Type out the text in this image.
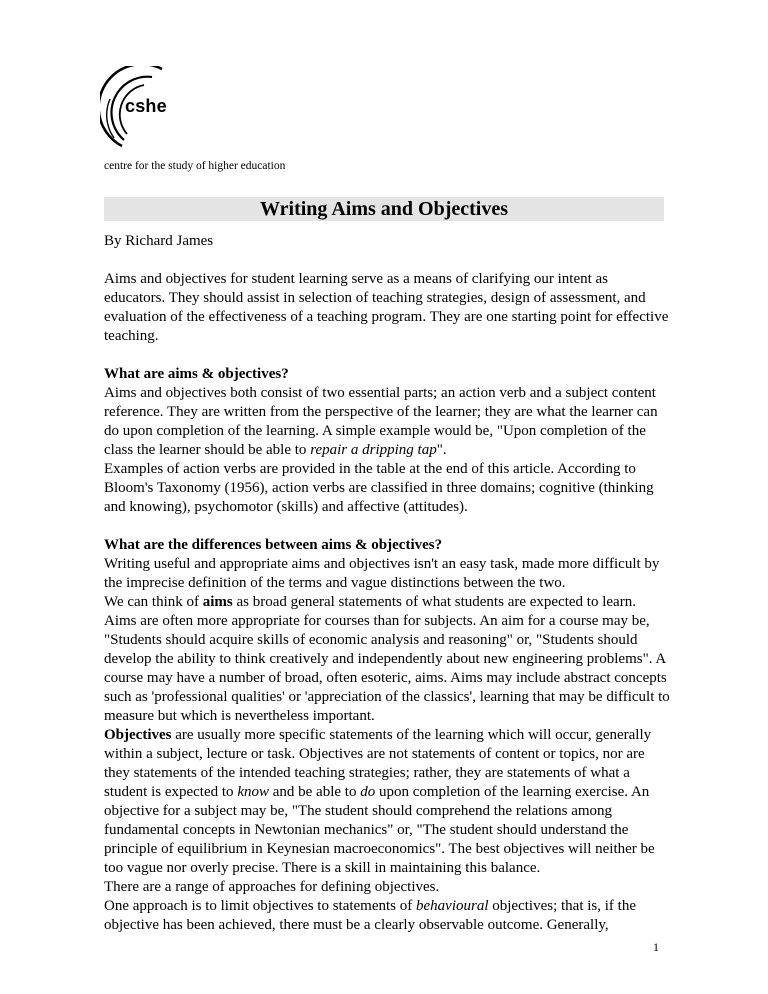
cshe
centre for the study of higher education
Writing Aims and Objectives

By Richard James

Aims and objectives for student learning serve as a means of clarifying our intent as educators. They should assist in selection of teaching strategies, design of assessment, and evaluation of the effectiveness of a teaching program. They are one starting point for effective teaching.

What are aims & objectives?

Aims and objectives both consist of two essential parts; an action verb and a subject content reference. They are written from the perspective of the learner; they are what the learner can do upon completion of the learning. A simple example would be, "Upon completion of the class the learner should be able to repair a dripping tap".

Examples of action verbs are provided in the table at the end of this article. According to Bloom's Taxonomy (1956), action verbs are classified in three domains; cognitive (thinking and knowing), psychomotor (skills) and affective (attitudes).

What are the differences between aims & objectives?

Writing useful and appropriate aims and objectives isn't an easy task, made more difficult by the imprecise definition of the terms and vague distinctions between the two.

We can think of aims as broad general statements of what students are expected to learn. Aims are often more appropriate for courses than for subjects. An aim for a course may be, "Students should acquire skills of economic analysis and reasoning" or, "Students should develop the ability to think creatively and independently about new engineering problems". A course may have a number of broad, often esoteric, aims. Aims may include abstract concepts such as 'professional qualities' or 'appreciation of the classics', learning that may be difficult to measure but which is nevertheless important.

Objectives are usually more specific statements of the learning which will occur, generally within a subject, lecture or task. Objectives are not statements of content or topics, nor are they statements of the intended teaching strategies; rather, they are statements of what a student is expected to know and be able to do upon completion of the learning exercise. An objective for a subject may be, "The student should comprehend the relations among fundamental concepts in Newtonian mechanics" or, "The student should understand the principle of equilibrium in Keynesian macroeconomics". The best objectives will neither be too vague nor overly precise. There is a skill in maintaining this balance.

There are a range of approaches for defining objectives.

One approach is to limit objectives to statements of behavioural objectives; that is, if the objective has been achieved, there must be a clearly observable outcome. Generally,

1
